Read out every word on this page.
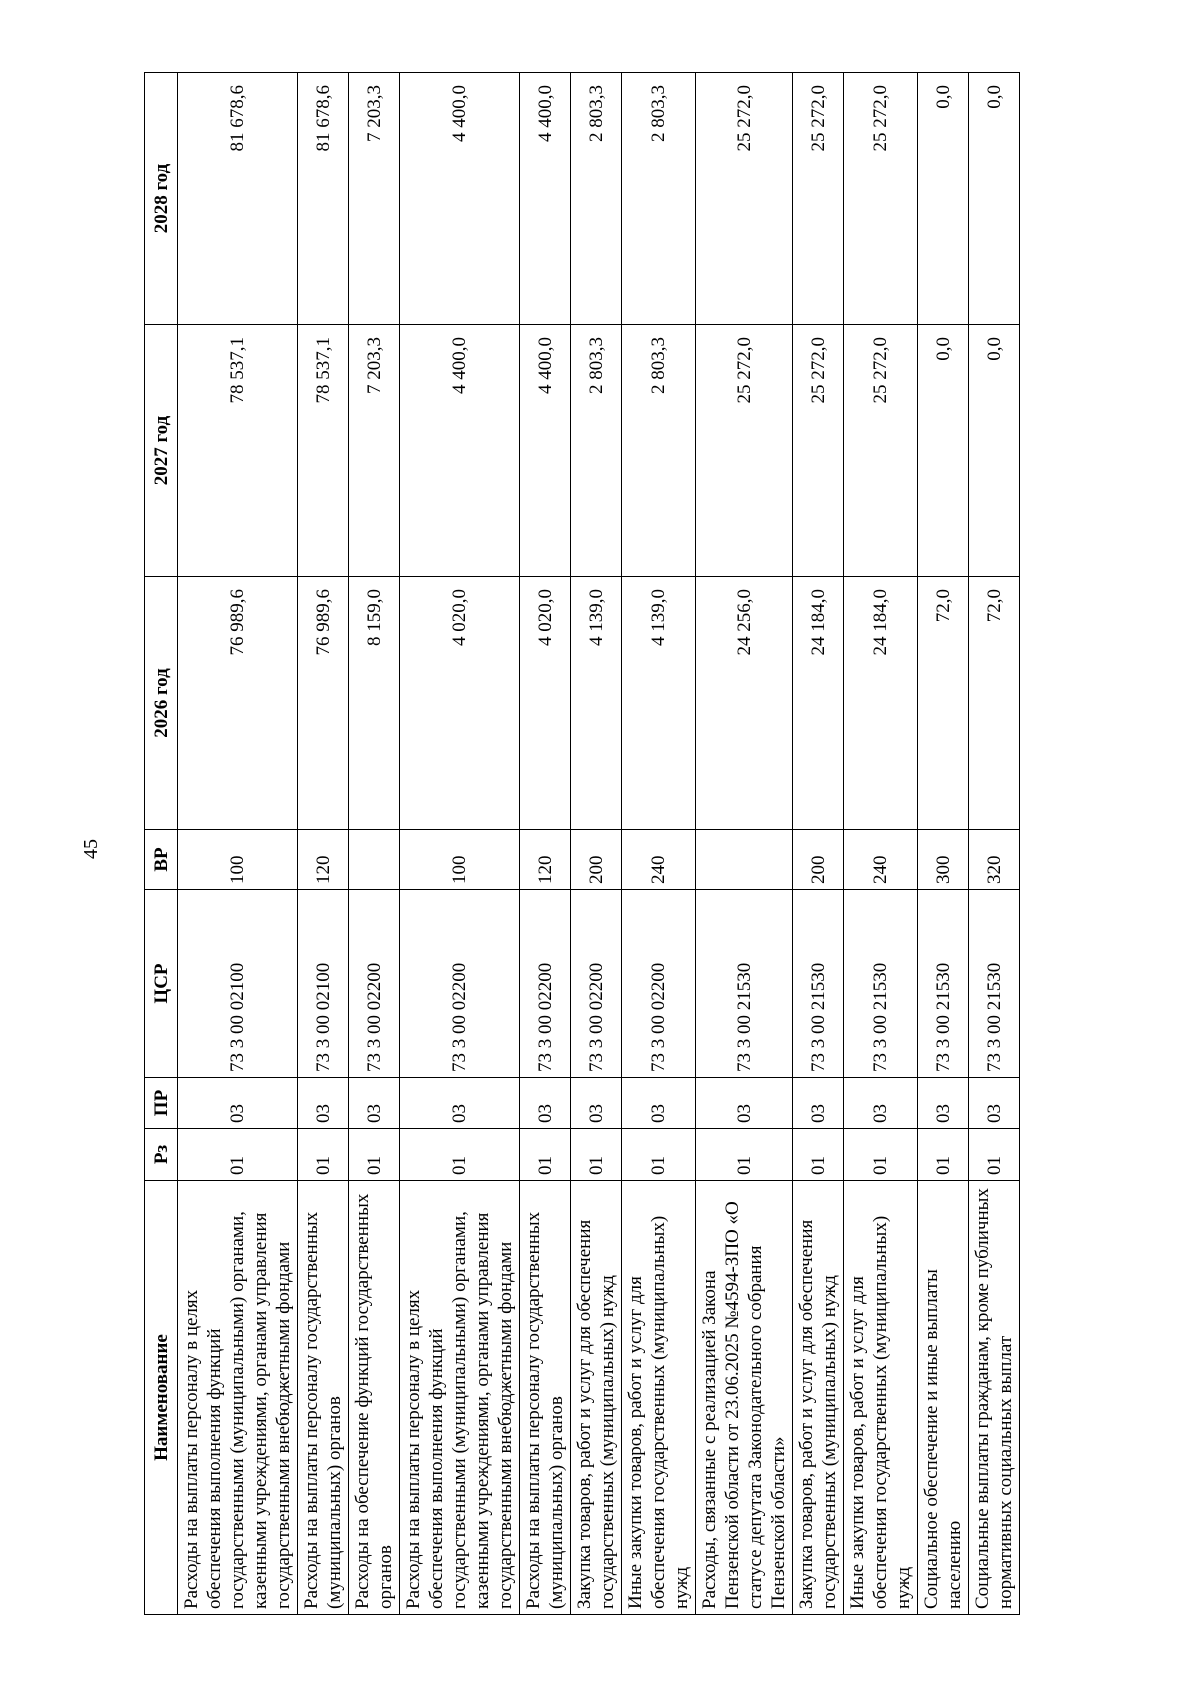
45
Наименование	Рз	ПР	ЦСР	ВР	2026 год	2027 год	2028 год
Расходы на выплаты персоналу в целях обеспечения выполнения функций государственными (муниципальными) органами, казенными учреждениями, органами управления государственными внебюджетными фондами	01	03	73 3 00 02100	100	76 989,6	78 537,1	81 678,6
Расходы на выплаты персоналу государственных (муниципальных) органов	01	03	73 3 00 02100	120	76 989,6	78 537,1	81 678,6
Расходы на обеспечение функций государственных органов	01	03	73 3 00 02200		8 159,0	7 203,3	7 203,3
Расходы на выплаты персоналу в целях обеспечения выполнения функций государственными (муниципальными) органами, казенными учреждениями, органами управления государственными внебюджетными фондами	01	03	73 3 00 02200	100	4 020,0	4 400,0	4 400,0
Расходы на выплаты персоналу государственных (муниципальных) органов	01	03	73 3 00 02200	120	4 020,0	4 400,0	4 400,0
Закупка товаров, работ и услуг для обеспечения государственных (муниципальных) нужд	01	03	73 3 00 02200	200	4 139,0	2 803,3	2 803,3
Иные закупки товаров, работ и услуг для обеспечения государственных (муниципальных) нужд	01	03	73 3 00 02200	240	4 139,0	2 803,3	2 803,3
Расходы, связанные с реализацией Закона Пензенской области от 23.06.2025 №4594-ЗПО «О статусе депутата Законодательного собрания Пензенской области»	01	03	73 3 00 21530		24 256,0	25 272,0	25 272,0
Закупка товаров, работ и услуг для обеспечения государственных (муниципальных) нужд	01	03	73 3 00 21530	200	24 184,0	25 272,0	25 272,0
Иные закупки товаров, работ и услуг для обеспечения государственных (муниципальных) нужд	01	03	73 3 00 21530	240	24 184,0	25 272,0	25 272,0
Социальное обеспечение и иные выплаты населению	01	03	73 3 00 21530	300	72,0	0,0	0,0
Социальные выплаты гражданам, кроме публичных нормативных социальных выплат	01	03	73 3 00 21530	320	72,0	0,0	0,0
